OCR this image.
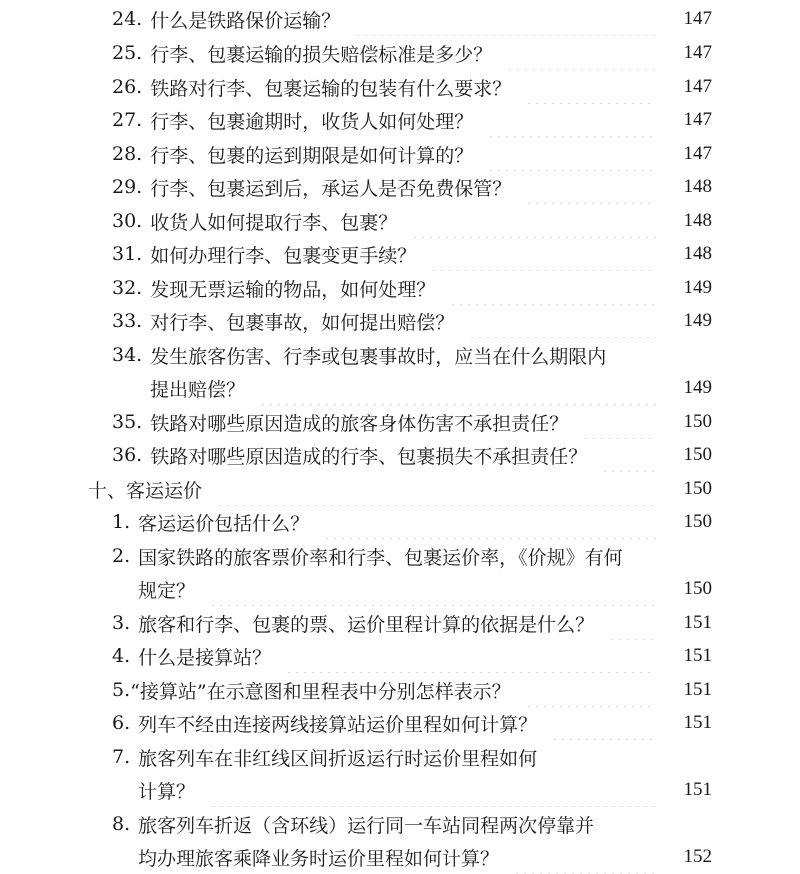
24. 什么是铁路保价运输？	147
25. 行李、包裹运输的损失赔偿标准是多少？	147
26. 铁路对行李、包裹运输的包装有什么要求？	147
27. 行李、包裹逾期时，收货人如何处理？	147
28. 行李、包裹的运到期限是如何计算的？	147
29. 行李、包裹运到后，承运人是否免费保管？	148
30. 收货人如何提取行李、包裹？	148
31. 如何办理行李、包裹变更手续？	148
32. 发现无票运输的物品，如何处理？	149
33. 对行李、包裹事故，如何提出赔偿？	149
34. 发生旅客伤害、行李或包裹事故时，应当在什么期限内
提出赔偿？	149
35. 铁路对哪些原因造成的旅客身体伤害不承担责任？	150
36. 铁路对哪些原因造成的行李、包裹损失不承担责任？	150
十、 客运运价	150
1. 客运运价包括什么？	150
2. 国家铁路的旅客票价率和行李、包裹运价率，《价规》有何
规定？	150
3. 旅客和行李、包裹的票、运价里程计算的依据是什么？	151
4. 什么是接算站？	151
5. “接算站”在示意图和里程表中分别怎样表示？	151
6. 列车不经由连接两线接算站运价里程如何计算？	151
7. 旅客列车在非红线区间折返运行时运价里程如何
计算？	151
8. 旅客列车折返（含环线）运行同一车站同程两次停靠并
均办理旅客乘降业务时运价里程如何计算？	152
